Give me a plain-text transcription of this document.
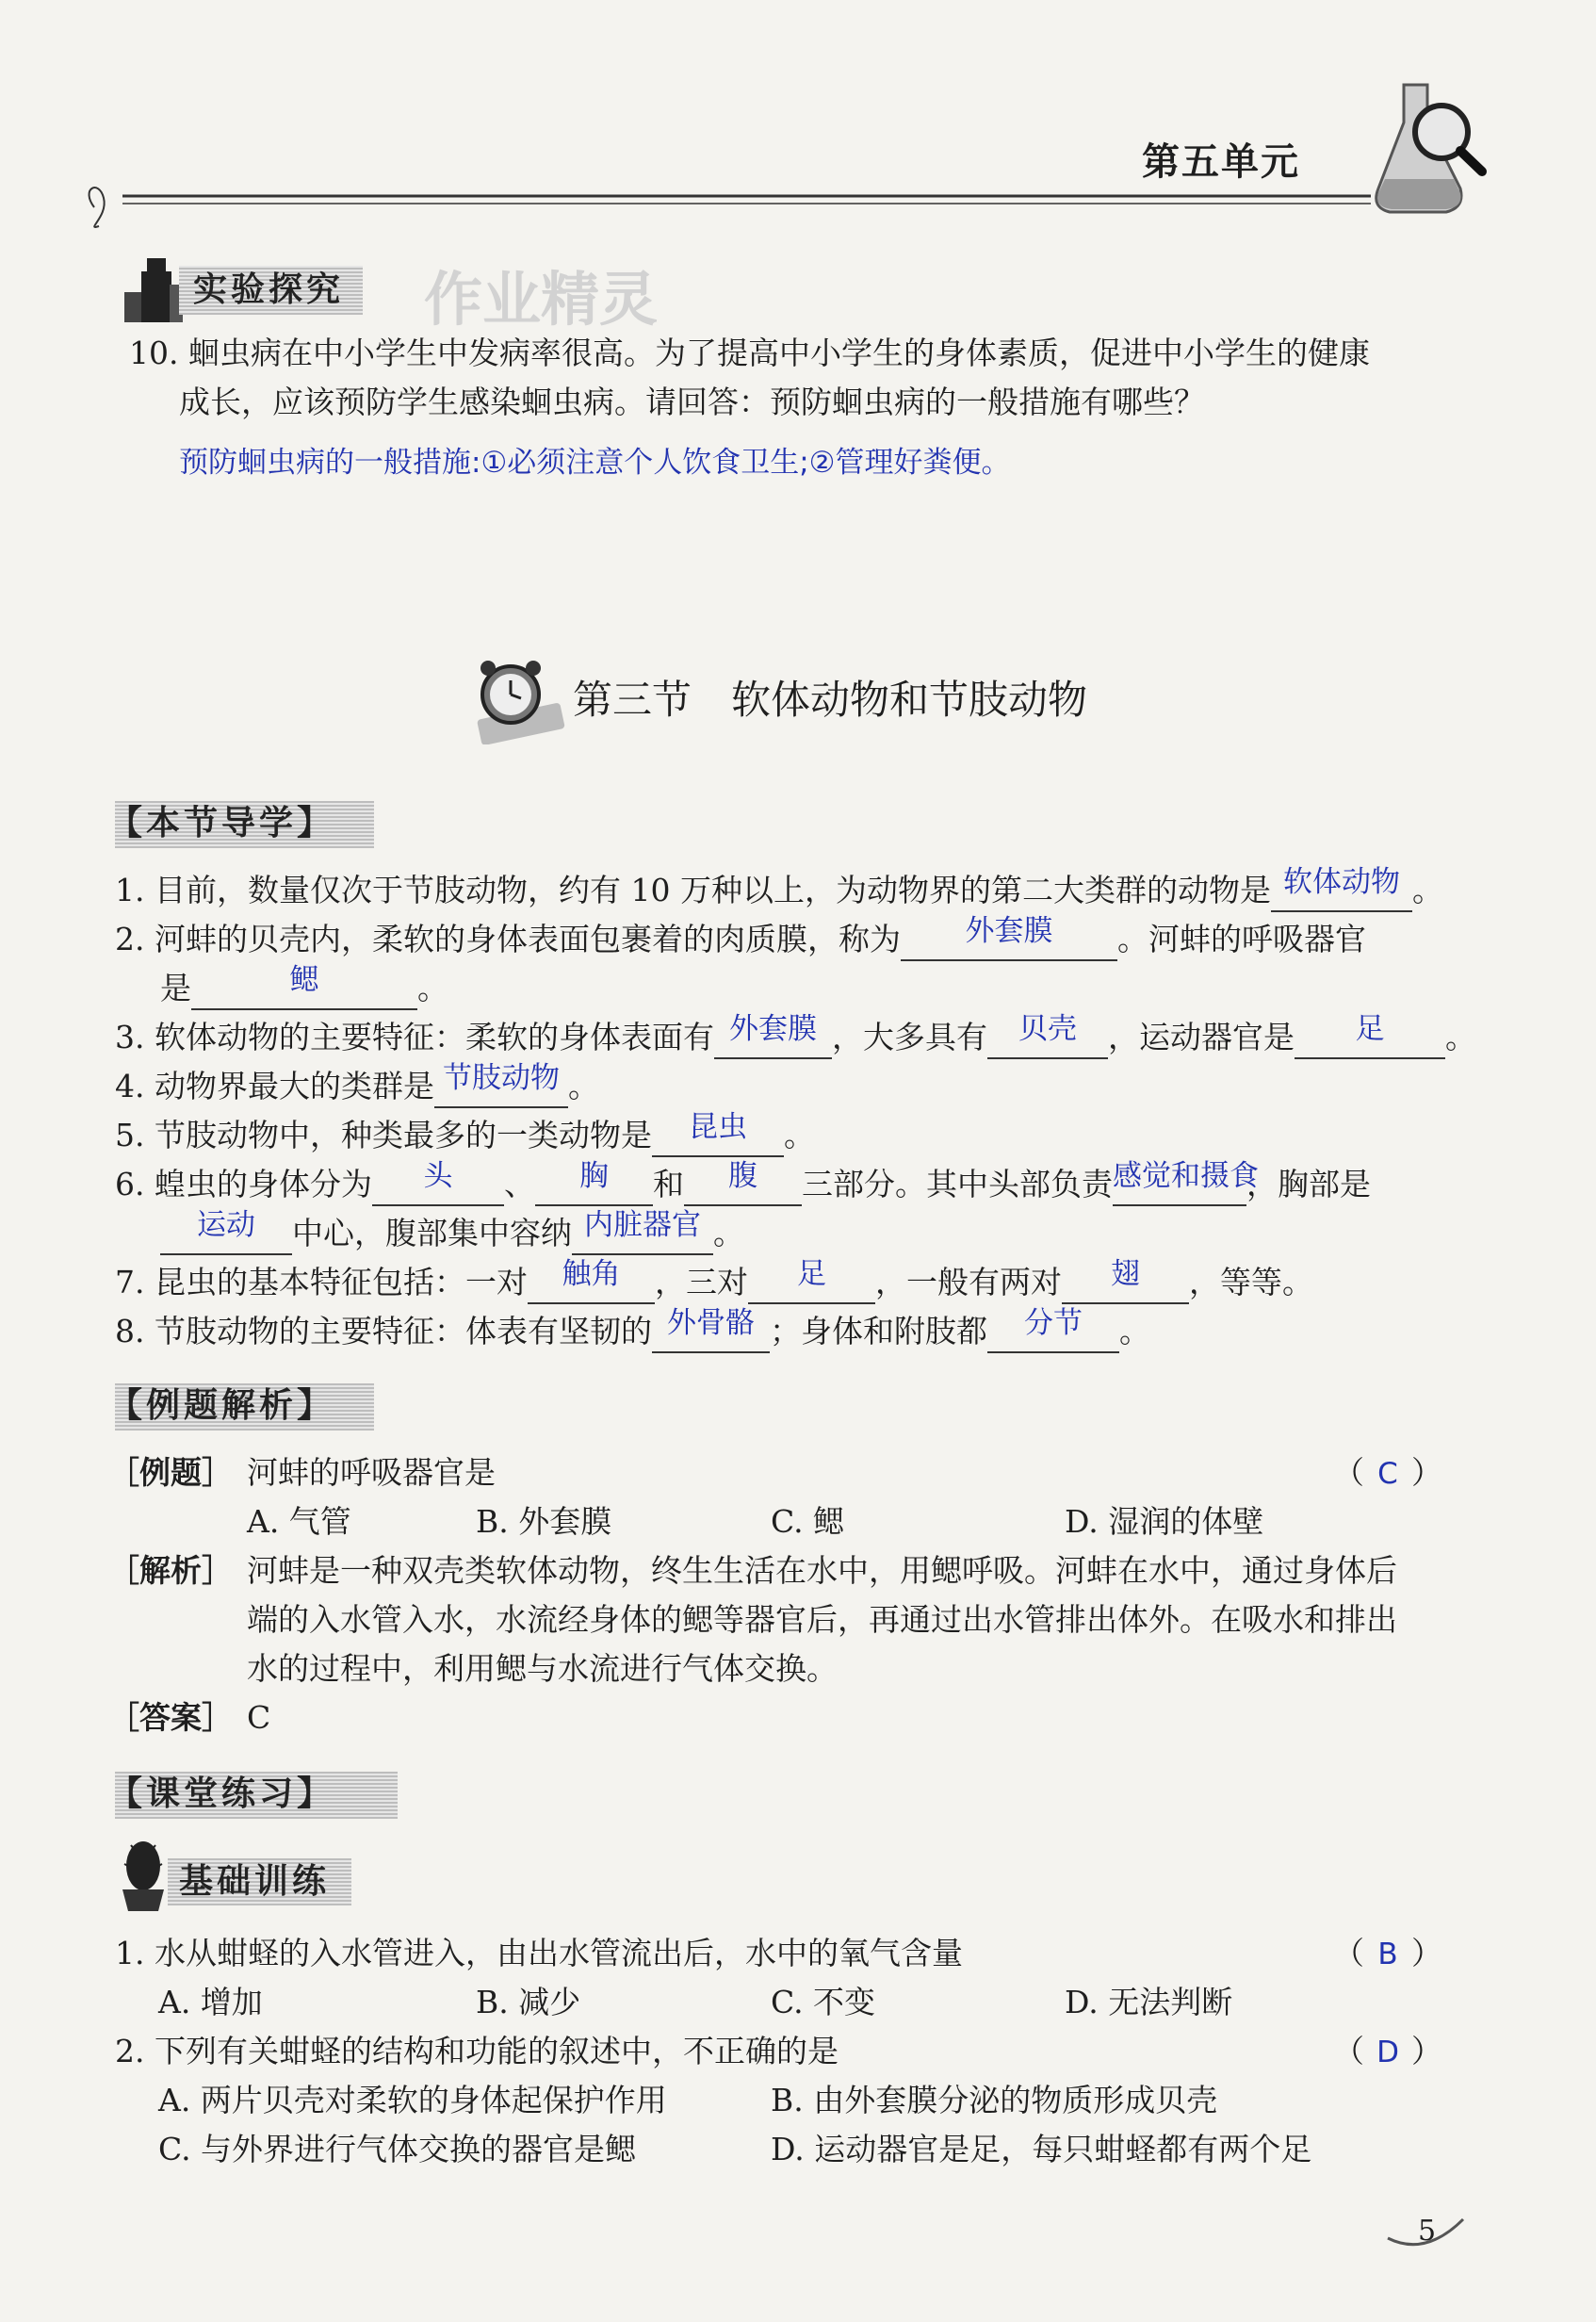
第五单元
实验探究 作业精灵
10. 蛔虫病在中小学生中发病率很高。为了提高中小学生的身体素质，促进中小学生的健康
成长，应该预防学生感染蛔虫病。请回答：预防蛔虫病的一般措施有哪些？
预防蛔虫病的一般措施:①必须注意个人饮食卫生;②管理好粪便。
第三节　软体动物和节肢动物
【本节导学】
1. 目前，数量仅次于节肢动物，约有 10 万种以上，为动物界的第二大类群的动物是 软体动物 。
2. 河蚌的贝壳内，柔软的身体表面包裹着的肉质膜，称为 外套膜 。河蚌的呼吸器官
是	鳃	。
3. 软体动物的主要特征：柔软的身体表面有 外套膜 ，大多具有 贝壳 ，运动器官是 足 。
4. 动物界最大的类群是 节肢动物 。
5. 节肢动物中，种类最多的一类动物是 昆虫 。
6. 蝗虫的身体分为 头 、 胸 和 腹 三部分。其中头部负责感觉和摄食，胸部是
运动 中心，腹部集中容纳 内脏器官 。
7. 昆虫的基本特征包括：一对 触角 ，三对 足 ，一般有两对 翅 ，等等。
8. 节肢动物的主要特征：体表有坚韧的 外骨骼 ；身体和附肢都 分节 。
【例题解析】
［例题］ 河蚌的呼吸器官是	（ C ）
A. 气管	B. 外套膜	C. 鳃	D. 湿润的体壁
［解析］ 河蚌是一种双壳类软体动物，终生生活在水中，用鳃呼吸。河蚌在水中，通过身体后
端的入水管入水，水流经身体的鳃等器官后，再通过出水管排出体外。在吸水和排出
水的过程中，利用鳃与水流进行气体交换。
［答案］ C
【课堂练习】
基础训练
1. 水从蚶蛏的入水管进入，由出水管流出后，水中的氧气含量	（ B ）
A. 增加	B. 减少	C. 不变	D. 无法判断
2. 下列有关蚶蛏的结构和功能的叙述中，不正确的是	（ D ）
A. 两片贝壳对柔软的身体起保护作用	B. 由外套膜分泌的物质形成贝壳
C. 与外界进行气体交换的器官是鳃	D. 运动器官是足，每只蚶蛏都有两个足
5
